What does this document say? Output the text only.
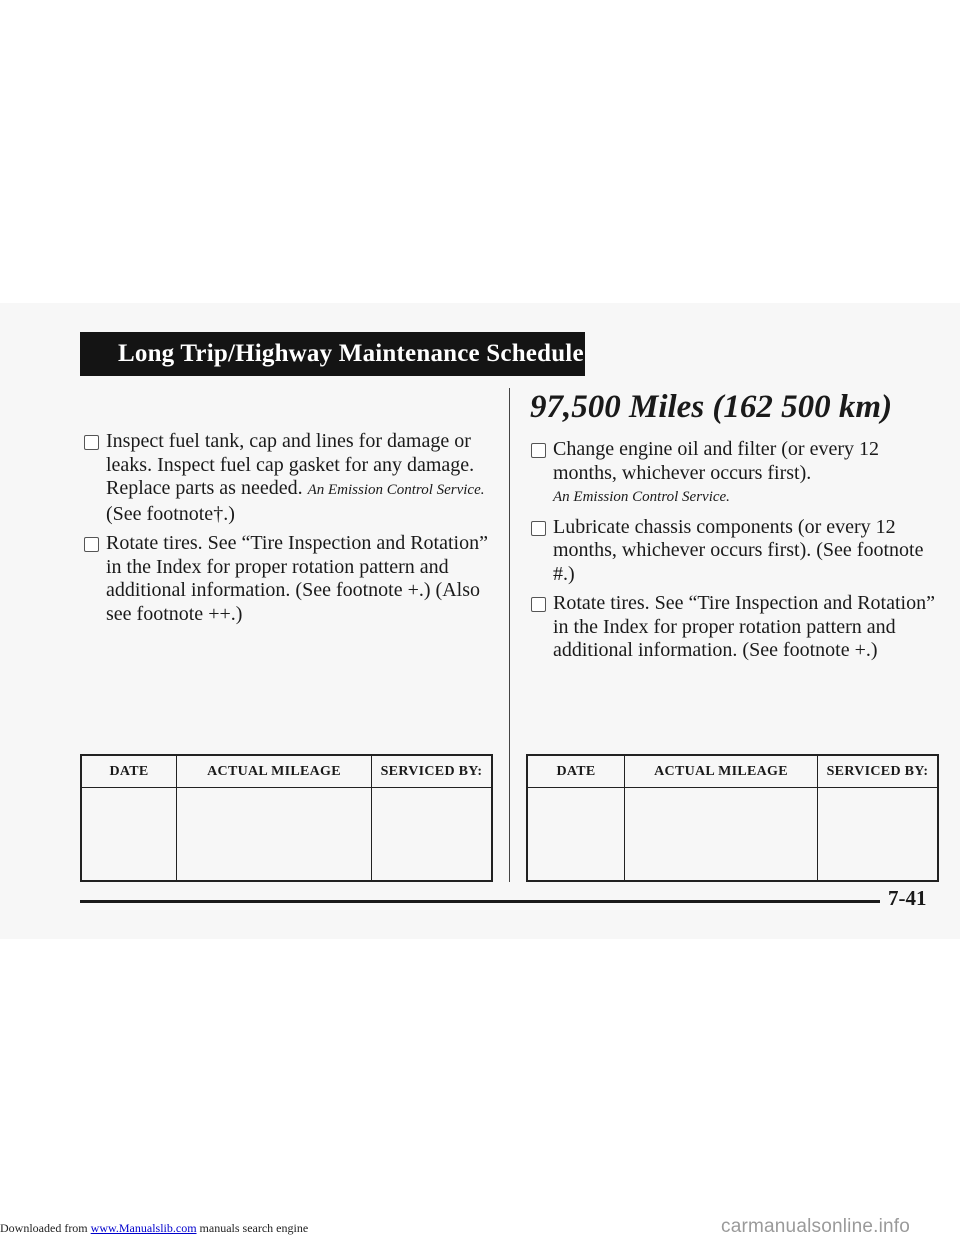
Long Trip/Highway Maintenance Schedule
Inspect fuel tank, cap and lines for damage or leaks. Inspect fuel cap gasket for any damage. Replace parts as needed. An Emission Control Service. (See footnote†.)
Rotate tires. See “Tire Inspection and Rotation” in the Index for proper rotation pattern and additional information. (See footnote +.) (Also see footnote ++.)
97,500 Miles (162 500 km)
Change engine oil and filter (or every 12 months, whichever occurs first).
An Emission Control Service.
Lubricate chassis components (or every 12 months, whichever occurs first). (See footnote #.)
Rotate tires. See “Tire Inspection and Rotation” in the Index for proper rotation pattern and additional information. (See footnote +.)
DATE	ACTUAL MILEAGE	SERVICED BY:
			DATE	ACTUAL MILEAGE	SERVICED BY:

7-41
Downloaded from www.Manualslib.com manuals search engine	carmanualsonline.info
